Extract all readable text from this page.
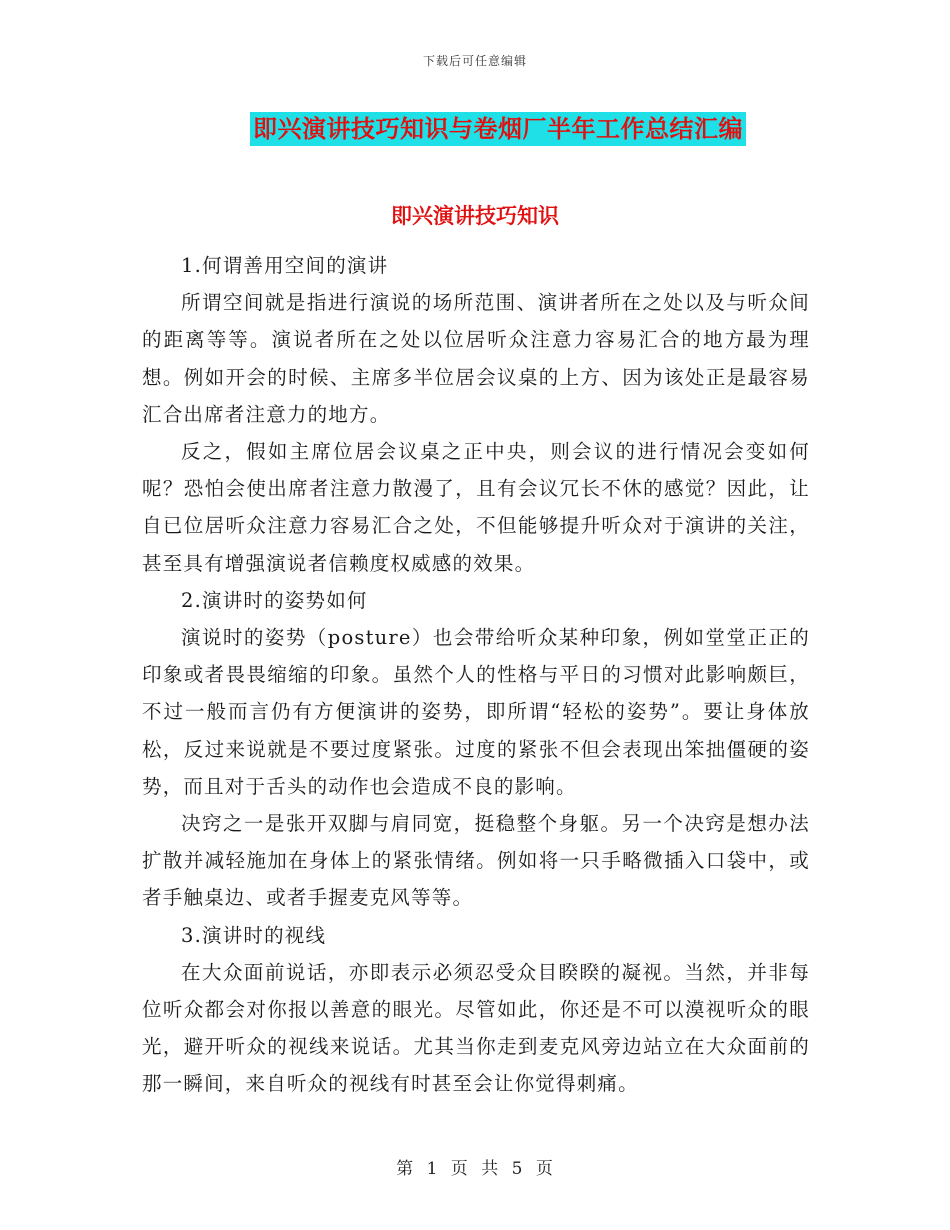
下载后可任意编辑
即兴演讲技巧知识与卷烟厂半年工作总结汇编
即兴演讲技巧知识

1.何谓善用空间的演讲

所谓空间就是指进行演说的场所范围、演讲者所在之处以及与听众间的距离等等。演说者所在之处以位居听众注意力容易汇合的地方最为理想。例如开会的时候、主席多半位居会议桌的上方、因为该处正是最容易汇合出席者注意力的地方。

反之，假如主席位居会议桌之正中央，则会议的进行情况会变如何呢？恐怕会使出席者注意力散漫了，且有会议冗长不休的感觉？因此，让自已位居听众注意力容易汇合之处，不但能够提升听众对于演讲的关注，甚至具有增强演说者信赖度权威感的效果。

2.演讲时的姿势如何

演说时的姿势（posture）也会带给听众某种印象，例如堂堂正正的印象或者畏畏缩缩的印象。虽然个人的性格与平日的习惯对此影响颇巨，不过一般而言仍有方便演讲的姿势，即所谓“轻松的姿势”。要让身体放松，反过来说就是不要过度紧张。过度的紧张不但会表现出笨拙僵硬的姿势，而且对于舌头的动作也会造成不良的影响。

决窍之一是张开双脚与肩同宽，挺稳整个身躯。另一个决窍是想办法扩散并减轻施加在身体上的紧张情绪。例如将一只手略微插入口袋中，或者手触桌边、或者手握麦克风等等。

3.演讲时的视线

在大众面前说话，亦即表示必须忍受众目睽睽的凝视。当然，并非每位听众都会对你报以善意的眼光。尽管如此，你还是不可以漠视听众的眼光，避开听众的视线来说话。尤其当你走到麦克风旁边站立在大众面前的那一瞬间，来自听众的视线有时甚至会让你觉得刺痛。

第 1 页 共 5 页
